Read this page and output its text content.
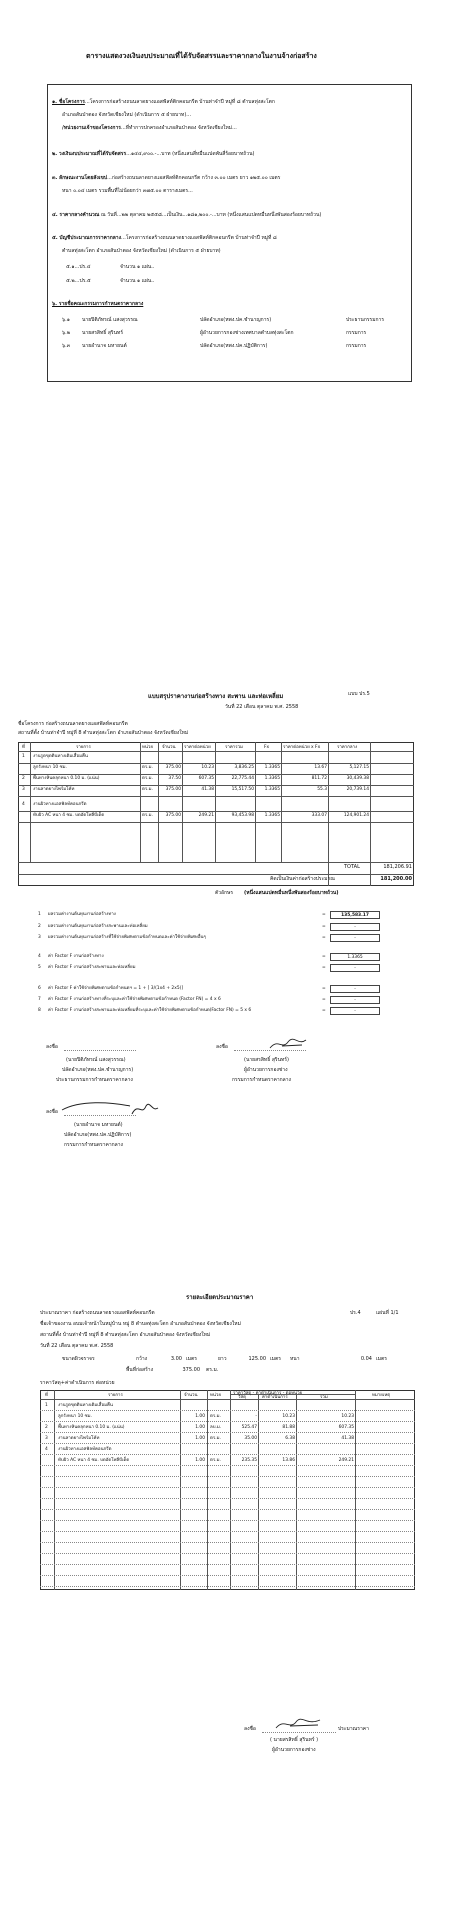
ตารางแสดงวงเงินงบประมาณที่ได้รับจัดสรรและราคากลางในงานจ้างก่อสร้าง
๑. ชื่อโครงการ...โครงการก่อสร้างถนนลาดยางแอสฟัลท์ติกคอนกรีต บ้านท่าจำปี หมู่ที่ ๘ ตำบลทุ่งสะโตก
อำเภอสันป่าตอง จังหวัดเชียงใหม่ (ดำเนินการ ๕ ฝ่ายบาท)...
/หน่วยงานเจ้าของโครงการ...ที่ทำการปกครองอำเภอสันป่าตอง จังหวัดเชียงใหม่...
๒. วงเงินงบประมาณที่ได้รับจัดสรร...๑๔๔,๙๐๐.-...บาท (หนึ่งแสนสี่หมื่นแปดพันสี่ร้อยบาทถ้วน)
๓. ลักษณะงานโดยสังเขป...ก่อสร้างถนนลาดยางแอสฟัลท์ติกคอนกรีต กว้าง ๓.๐๐ เมตร ยาว ๑๒๕.๐๐ เมตร
หนา ๐.๐๔ เมตร รวมพื้นที่ไม่น้อยกว่า ๓๗๕.๐๐ ตารางเมตร...
๔. ราคากลางคำนวณ ณ วันที่...๒๒ ตุลาคม ๒๕๕๘...เป็นเงิน...๑๘๑,๒๐๐.-...บาท (หนึ่งแสนแปดหมื่นหนึ่งพันสองร้อยบาทถ้วน)
๕. บัญชีประมาณการราคากลาง...โครงการก่อสร้างถนนลาดยางแอสฟัลท์ติกคอนกรีต บ้านท่าจำปี หมู่ที่ ๘
ตำบลทุ่งสะโตก อำเภอสันป่าตอง จังหวัดเชียงใหม่ (ดำเนินการ ๕ ฝ่ายบาท)
๕.๑...ปร.๔	จำนวน ๑ แผ่น..
๕.๒...ปร.๕	จำนวน ๑ แผ่น..
๖. รายชื่อคณะกรรมการกำหนดราคากลาง
๖.๑ นายปิติภัทรณ์ แสงสุวรรณ	ปลัดอำเภอ(หพง.ปค.ชำนาญการ)	ประธานกรรมการ
๖.๒ นายสรสิทธิ์ สุรินทร์	ผู้อำนวยการกองช่างเทศบาลตำบลทุ่งสะโตก	กรรมการ
๖.๓ นายอำนาจ มหายนต์	ปลัดอำเภอ(หพง.ปค.ปฏิบัติการ)	กรรมการ
แบบ ปร.5
แบบสรุปราคางานก่อสร้างทาง สะพาน และท่อเหลี่ยม
วันที่ 22 เดือน ตุลาคม พ.ศ. 2558
ชื่อโครงการ ก่อสร้างถนนลาดยางแอสฟัลท์คอนกรีต
สถานที่ตั้ง บ้านท่าจำปี หมู่ที่ 8 ตำบลทุ่งสะโตก อำเภอสันป่าตอง จังหวัดเชียงใหม่
ที่	รายการ	หน่วย จำนวน ราคาต่อหน่วย	ราคารวม	Fx	ราคาต่อหน่วย x Fx	ราคากลาง
1 งานรูดขุดดินทางเดิมเสื่อมคืน
ลูกรังหนา 10 ซม.	ตร.ม.	375.00	10.23	3,836.25	1.3365	13.67	5,127.15
2 พื้นทางหินคลุกหนา 0.10 ม. (แน่น)	ตร.ม.	37.50	607.35	22,775.44	1.3365	811.72	30,439.38
3 งานลาดยางไพร์มโค้ท	ตร.ม.	375.00	41.38	15,517.50	1.3365	55.3	20,739.14
4 งานผิวทางแอสฟัลท์คอนกรีต
ทับผิว AC หนา 4 ซม. บดอัดโพลีบีเต็ด	ตร.ม.	375.00	249.21	93,453.98	1.3365	333.07	124,901.24
TOTAL	181,206.91
คิดเป็นเงินค่าก่อสร้างประมาณ	181,200.00
ตัวอักษร (หนึ่งแสนแปดหมื่นหนึ่งพันสองร้อยบาทถ้วน)
1 ผลรวมค่างานต้นทุนงานก่อสร้างทาง	=	135,583.17
2 ผลรวมค่างานต้นทุนงานก่อสร้างสะพานและท่อเหลี่ยม	=	-
3 ผลรวมค่างานต้นทุนงานก่อสร้างที่ใช้จ่ายพิเศษตามข้อกำหนดและค่าใช้จ่ายพิเศษอื่นๆ	=	-
4 ค่า Factor F งานก่อสร้างทาง	=	1.3365
5 ค่า Factor F งานก่อสร้างสะพานและท่อเหลี่ยม	=	-
6 ค่า Factor F ค่าใช้จ่ายพิเศษตามข้อกำหนดฯ = 1 + [ 3/(1x4 + 2x5)]	=	-
7 ค่า Factor F งานก่อสร้างทางที่ระบุและค่าใช้จ่ายพิเศษตามข้อกำหนด (Factor FN) = 4 x 6	=	-
8 ค่า Factor F งานก่อสร้างสะพานและท่อเหลี่ยมที่ระบุและค่าใช้จ่ายพิเศษตามข้อกำหนด(Factor FN) = 5 x 6	=	-
ลงชื่อ
(นายปิติภัทรณ์ แสงสุวรรณ)
ปลัดอำเภอ(หพง.ปค.ชำนาญการ)
ประธานกรรมการกำหนดราคากลาง
ลงชื่อ
(นายสรสิทธิ์ สุรินทร์)
ผู้อำนวยการกองช่าง
กรรมการกำหนดราคากลาง
ลงชื่อ
(นายอำนาจ มหายนต์)
ปลัดอำเภอ(หพง.ปค.ปฏิบัติการ)
กรรมการกำหนดราคากลาง
รายละเอียดประมาณราคา
ประมาณราคา ก่อสร้างถนนลาดยางแอสฟัลท์คอนกรีต	ปร.4	แผ่นที่ 1/1
ชื่อเจ้าของงาน อบมเจ้าหน้าในหมู่บ้าน หมู่ 8 ตำบลทุ่งสะโตก อำเภอสันป่าตอง จังหวัดเชียงใหม่
สถานที่ตั้ง บ้านท่าจำปี หมู่ที่ 8 ตำบลทุ่งสะโตก อำเภอสันป่าตอง จังหวัดเชียงใหม่
วันที่ 22 เดือน ตุลาคม พ.ศ. 2558
ขนาดผิวจราจร	กว้าง	3.00 เมตร	ยาว	125.00 เมตร หนา	0.04 เมตร
พื้นที่ก่อสร้าง	375.00 ตร.ม.
ราคาวัสดุ+ค่าดำเนินการ ต่อหน่วย
ที่	รายการ	จำนวน	หน่วย	ราคาวัสดุ - ค่าดำเนินการ - ต่อหน่วย
วัสดุ	ค่าดำเนินการ	รวม	หมายเหตุ
1 งานรูดขุดดินทางเดิมเสื่อมคืน
ลูกรังหนา 10 ซม.	1.00 ตร.ม.	-	10.23	10.23
2 พื้นทางหินคลุกหนา 0.10 ม. (แน่น)	1.00 ลบ.ม.	525.47	81.88	607.35
3 งานลาดยางไพร์มโค้ท	1.00 ตร.ม.	35.00	6.38	41.38
4 งานผิวทางแอสฟัลท์คอนกรีต
ทับผิว AC หนา 4 ซม. บดอัดโพลีบีเต็ด	1.00 ตร.ม.	235.35	13.86	249.21
ลงชื่อ	ประมาณราคา
( นายสรสิทธิ์ สุรินทร์ )
ผู้อำนวยการกองช่าง
